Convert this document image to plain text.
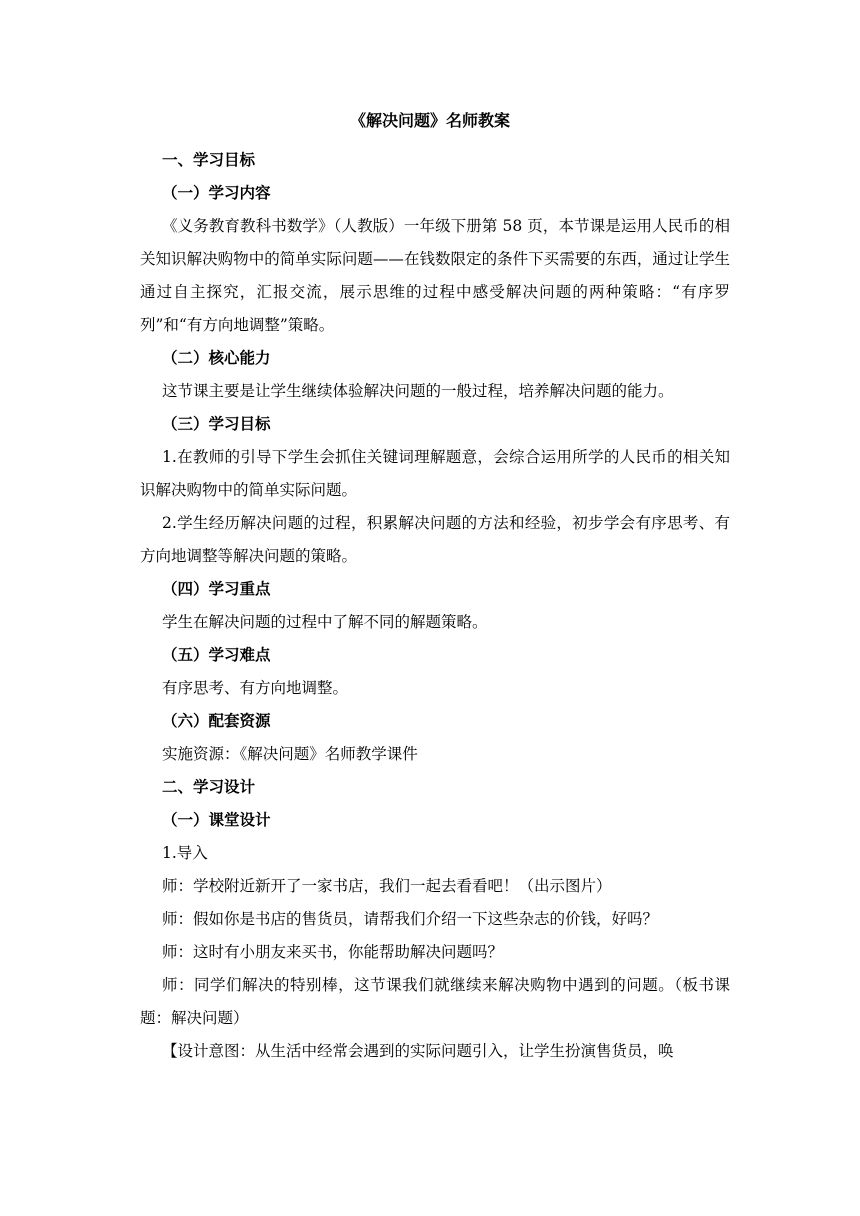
《解决问题》名师教案
一、学习目标
（一）学习内容

《义务教育教科书数学》（人教版）一年级下册第 58 页，本节课是运用人民币的相关知识解决购物中的简单实际问题——在钱数限定的条件下买需要的东西，通过让学生通过自主探究，汇报交流，展示思维的过程中感受解决问题的两种策略：“有序罗列”和“有方向地调整”策略。

（二）核心能力

这节课主要是让学生继续体验解决问题的一般过程，培养解决问题的能力。

（三）学习目标

1.在教师的引导下学生会抓住关键词理解题意，会综合运用所学的人民币的相关知识解决购物中的简单实际问题。

2.学生经历解决问题的过程，积累解决问题的方法和经验，初步学会有序思考、有方向地调整等解决问题的策略。

（四）学习重点

学生在解决问题的过程中了解不同的解题策略。

（五）学习难点

有序思考、有方向地调整。

（六）配套资源

实施资源：《解决问题》名师教学课件

二、学习设计
（一）课堂设计

1.导入

师：学校附近新开了一家书店，我们一起去看看吧！（出示图片）

师：假如你是书店的售货员，请帮我们介绍一下这些杂志的价钱，好吗？

师：这时有小朋友来买书，你能帮助解决问题吗？

师：同学们解决的特别棒，这节课我们就继续来解决购物中遇到的问题。（板书课题：解决问题）

【设计意图：从生活中经常会遇到的实际问题引入，让学生扮演售货员，唤
